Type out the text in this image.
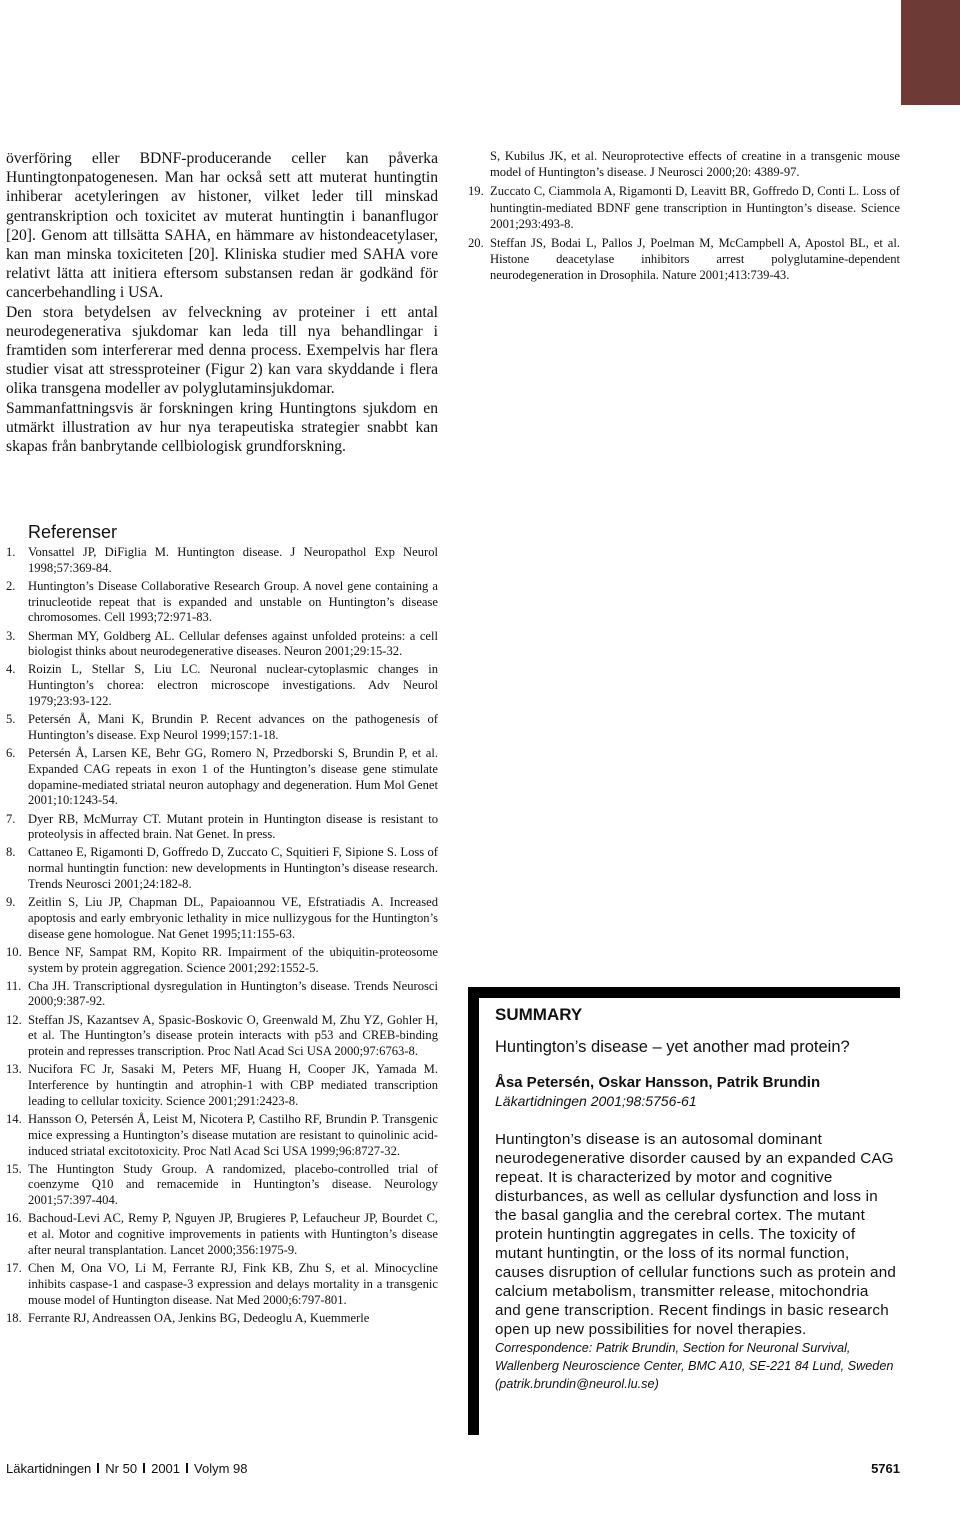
överföring eller BDNF-producerande celler kan påverka Huntingtonpatogenesen. Man har också sett att muterat huntingtin inhiberar acetyleringen av histoner, vilket leder till minskad gentranskription och toxicitet av muterat huntingtin i bananflugor [20]. Genom att tillsätta SAHA, en hämmare av histondeacetylaser, kan man minska toxiciteten [20]. Kliniska studier med SAHA vore relativt lätta att initiera eftersom substansen redan är godkänd för cancerbehandling i USA.

Den stora betydelsen av felveckning av proteiner i ett antal neurodegenerativa sjukdomar kan leda till nya behandlingar i framtiden som interfererar med denna process. Exempelvis har flera studier visat att stressproteiner (Figur 2) kan vara skyddande i flera olika transgena modeller av polyglutaminsjukdomar.

Sammanfattningsvis är forskningen kring Huntingtons sjukdom en utmärkt illustration av hur nya terapeutiska strategier snabbt kan skapas från banbrytande cellbiologisk grundforskning.

S, Kubilus JK, et al. Neuroprotective effects of creatine in a transgenic mouse model of Huntington’s disease. J Neurosci 2000;20: 4389-97.
19. Zuccato C, Ciammola A, Rigamonti D, Leavitt BR, Goffredo D, Conti L. Loss of huntingtin-mediated BDNF gene transcription in Huntington’s disease. Science 2001;293:493-8.
20. Steffan JS, Bodai L, Pallos J, Poelman M, McCampbell A, Apostol BL, et al. Histone deacetylase inhibitors arrest polyglutamine-dependent neurodegeneration in Drosophila. Nature 2001;413:739-43.
Referenser
1. Vonsattel JP, DiFiglia M. Huntington disease. J Neuropathol Exp Neurol 1998;57:369-84.
2. Huntington’s Disease Collaborative Research Group. A novel gene containing a trinucleotide repeat that is expanded and unstable on Huntington’s disease chromosomes. Cell 1993;72:971-83.
3. Sherman MY, Goldberg AL. Cellular defenses against unfolded proteins: a cell biologist thinks about neurodegenerative diseases. Neuron 2001;29:15-32.
4. Roizin L, Stellar S, Liu LC. Neuronal nuclear-cytoplasmic changes in Huntington’s chorea: electron microscope investigations. Adv Neurol 1979;23:93-122.
5. Petersén Å, Mani K, Brundin P. Recent advances on the pathogenesis of Huntington’s disease. Exp Neurol 1999;157:1-18.
6. Petersén Å, Larsen KE, Behr GG, Romero N, Przedborski S, Brundin P, et al. Expanded CAG repeats in exon 1 of the Huntington’s disease gene stimulate dopamine-mediated striatal neuron autophagy and degeneration. Hum Mol Genet 2001;10:1243-54.
7. Dyer RB, McMurray CT. Mutant protein in Huntington disease is resistant to proteolysis in affected brain. Nat Genet. In press.
8. Cattaneo E, Rigamonti D, Goffredo D, Zuccato C, Squitieri F, Sipione S. Loss of normal huntingtin function: new developments in Huntington’s disease research. Trends Neurosci 2001;24:182-8.
9. Zeitlin S, Liu JP, Chapman DL, Papaioannou VE, Efstratiadis A. Increased apoptosis and early embryonic lethality in mice nullizygous for the Huntington’s disease gene homologue. Nat Genet 1995;11:155-63.
10. Bence NF, Sampat RM, Kopito RR. Impairment of the ubiquitin-proteosome system by protein aggregation. Science 2001;292:1552-5.
11. Cha JH. Transcriptional dysregulation in Huntington’s disease. Trends Neurosci 2000;9:387-92.
12. Steffan JS, Kazantsev A, Spasic-Boskovic O, Greenwald M, Zhu YZ, Gohler H, et al. The Huntington’s disease protein interacts with p53 and CREB-binding protein and represses transcription. Proc Natl Acad Sci USA 2000;97:6763-8.
13. Nucifora FC Jr, Sasaki M, Peters MF, Huang H, Cooper JK, Yamada M. Interference by huntingtin and atrophin-1 with CBP mediated transcription leading to cellular toxicity. Science 2001;291:2423-8.
14. Hansson O, Petersén Å, Leist M, Nicotera P, Castilho RF, Brundin P. Transgenic mice expressing a Huntington’s disease mutation are resistant to quinolinic acid-induced striatal excitotoxicity. Proc Natl Acad Sci USA 1999;96:8727-32.
15. The Huntington Study Group. A randomized, placebo-controlled trial of coenzyme Q10 and remacemide in Huntington’s disease. Neurology 2001;57:397-404.
16. Bachoud-Levi AC, Remy P, Nguyen JP, Brugieres P, Lefaucheur JP, Bourdet C, et al. Motor and cognitive improvements in patients with Huntington’s disease after neural transplantation. Lancet 2000;356:1975-9.
17. Chen M, Ona VO, Li M, Ferrante RJ, Fink KB, Zhu S, et al. Minocycline inhibits caspase-1 and caspase-3 expression and delays mortality in a transgenic mouse model of Huntington disease. Nat Med 2000;6:797-801.
18. Ferrante RJ, Andreassen OA, Jenkins BG, Dedeoglu A, Kuemmerle
SUMMARY
Huntington’s disease – yet another mad protein?
Åsa Petersén, Oskar Hansson, Patrik Brundin
Läkartidningen 2001;98:5756-61

Huntington’s disease is an autosomal dominant neurodegenerative disorder caused by an expanded CAG repeat. It is characterized by motor and cognitive disturbances, as well as cellular dysfunction and loss in the basal ganglia and the cerebral cortex. The mutant protein huntingtin aggregates in cells. The toxicity of mutant huntingtin, or the loss of its normal function, causes disruption of cellular functions such as protein and calcium metabolism, transmitter release, mitochondria and gene transcription. Recent findings in basic research open up new possibilities for novel therapies.

Correspondence: Patrik Brundin, Section for Neuronal Survival, Wallenberg Neuroscience Center, BMC A10, SE-221 84 Lund, Sweden (patrik.brundin@neurol.lu.se)

Läkartidningen Nr 50 2001 Volym 98	5761
